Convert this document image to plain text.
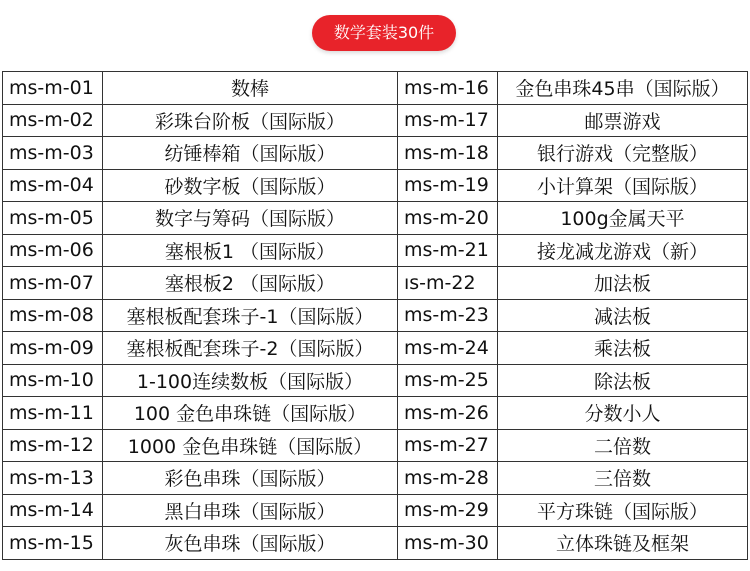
数学套装30件
ms-m-01	数棒	ms-m-16	金色串珠45串（国际版）
ms-m-02	彩珠台阶板（国际版）	ms-m-17	邮票游戏
ms-m-03	纺锤棒箱（国际版）	ms-m-18	银行游戏（完整版）
ms-m-04	砂数字板（国际版）	ms-m-19	小计算架（国际版）
ms-m-05	数字与筹码（国际版）	ms-m-20	100g金属天平
ms-m-06	塞根板1 （国际版）	ms-m-21	接龙减龙游戏（新）
ms-m-07	塞根板2 （国际版）	ıs-m-22	加法板
ms-m-08	塞根板配套珠子-1（国际版）	ms-m-23	减法板
ms-m-09	塞根板配套珠子-2（国际版）	ms-m-24	乘法板
ms-m-10	1-100连续数板（国际版）	ms-m-25	除法板
ms-m-11	100 金色串珠链（国际版）	ms-m-26	分数小人
ms-m-12	1000 金色串珠链（国际版）	ms-m-27	二倍数
ms-m-13	彩色串珠（国际版）	ms-m-28	三倍数
ms-m-14	黑白串珠（国际版）	ms-m-29	平方珠链（国际版）
ms-m-15	灰色串珠（国际版）	ms-m-30	立体珠链及框架
